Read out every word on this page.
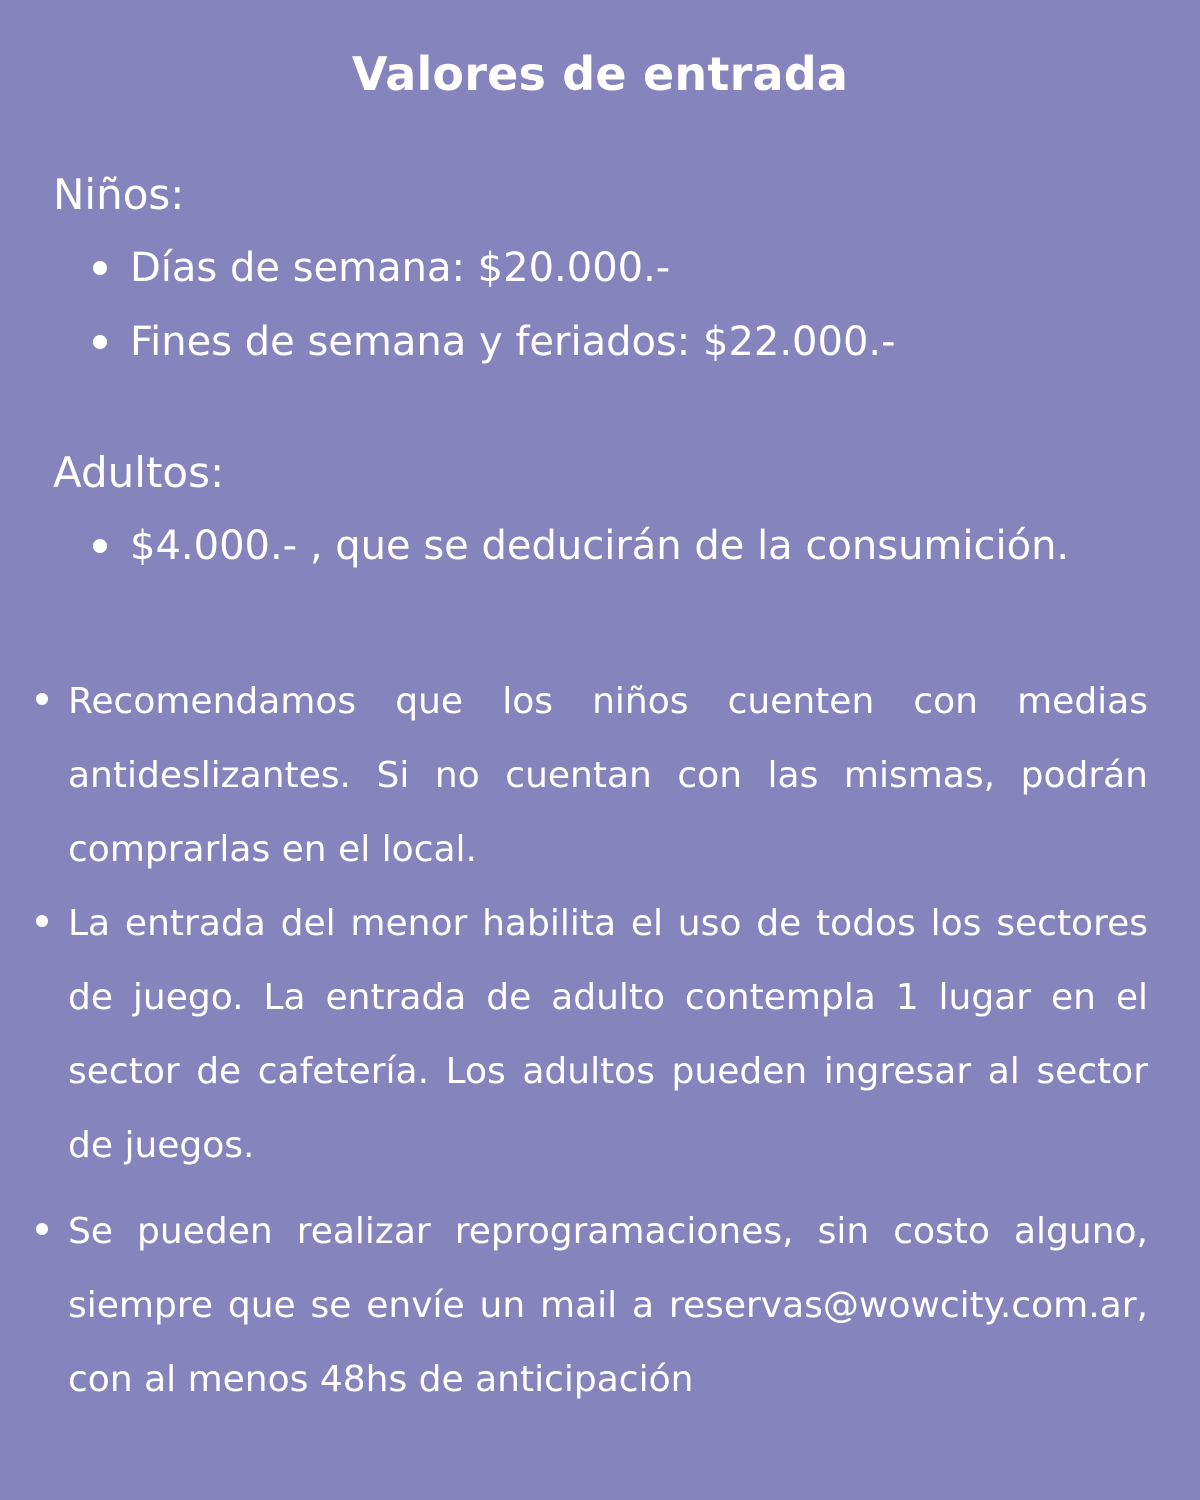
Valores de entrada
Niños:
Días de semana: $20.000.-
Fines de semana y feriados: $22.000.-
Adultos:
$4.000.- , que se deducirán de la consumición.
Recomendamos que los niños cuenten con medias antideslizantes. Si no cuentan con las mismas, podrán comprarlas en el local.
La entrada del menor habilita el uso de todos los sectores de juego. La entrada de adulto contempla 1 lugar en el sector de cafetería. Los adultos pueden ingresar al sector de juegos.
Se pueden realizar reprogramaciones, sin costo alguno, siempre que se envíe un mail a reservas@wowcity.com.ar, con al menos 48hs de anticipación
